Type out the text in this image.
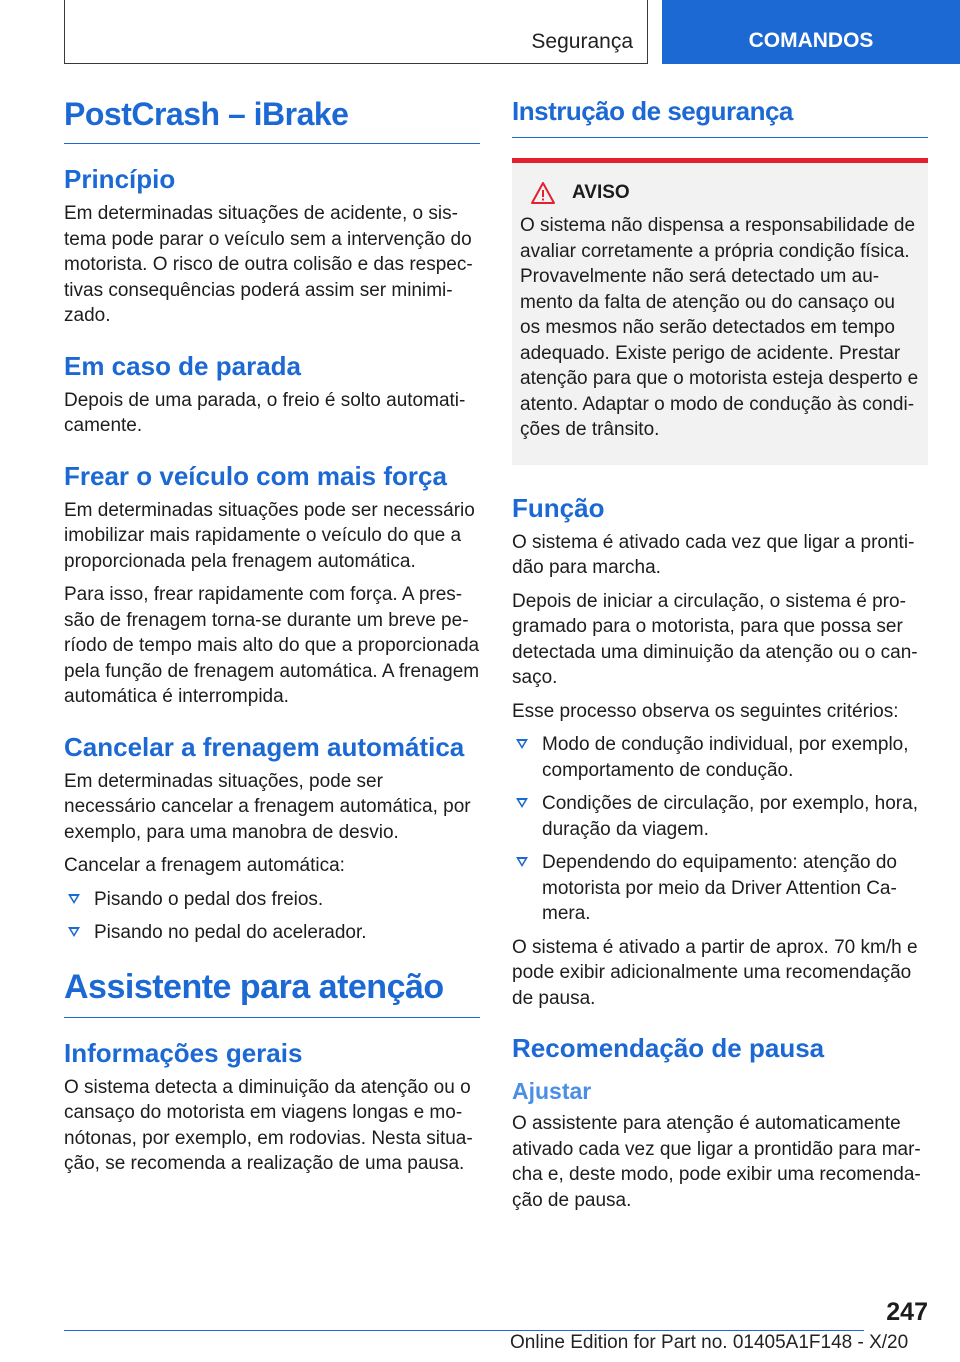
Segurança	COMANDOS
PostCrash – iBrake
Princípio
Em determinadas situações de acidente, o sistema pode parar o veículo sem a intervenção do motorista. O risco de outra colisão e das respectivas consequências poderá assim ser minimizado.
Em caso de parada
Depois de uma parada, o freio é solto automaticamente.
Frear o veículo com mais força
Em determinadas situações pode ser necessário imobilizar mais rapidamente o veículo do que a proporcionada pela frenagem automática.
Para isso, frear rapidamente com força. A pressão de frenagem torna-se durante um breve período de tempo mais alto do que a proporcionada pela função de frenagem automática. A frenagem automática é interrompida.
Cancelar a frenagem automática
Em determinadas situações, pode ser necessário cancelar a frenagem automática, por exemplo, para uma manobra de desvio.
Cancelar a frenagem automática:
Pisando o pedal dos freios.
Pisando no pedal do acelerador.
Assistente para atenção
Informações gerais
O sistema detecta a diminuição da atenção ou o cansaço do motorista em viagens longas e monótonas, por exemplo, em rodovias. Nesta situação, se recomenda a realização de uma pausa.
Instrução de segurança
AVISO
O sistema não dispensa a responsabilidade de avaliar corretamente a própria condição física. Provavelmente não será detectado um aumento da falta de atenção ou do cansaço ou os mesmos não serão detectados em tempo adequado. Existe perigo de acidente. Prestar atenção para que o motorista esteja desperto e atento. Adaptar o modo de condução às condições de trânsito.
Função
O sistema é ativado cada vez que ligar a prontidão para marcha.
Depois de iniciar a circulação, o sistema é programado para o motorista, para que possa ser detectada uma diminuição da atenção ou o cansaço.
Esse processo observa os seguintes critérios:
Modo de condução individual, por exemplo, comportamento de condução.
Condições de circulação, por exemplo, hora, duração da viagem.
Dependendo do equipamento: atenção do motorista por meio da Driver Attention Camera.
O sistema é ativado a partir de aprox. 70 km/h e pode exibir adicionalmente uma recomendação de pausa.
Recomendação de pausa
Ajustar
O assistente para atenção é automaticamente ativado cada vez que ligar a prontidão para marcha e, deste modo, pode exibir uma recomendação de pausa.
247
Online Edition for Part no. 01405A1F148 - X/20
